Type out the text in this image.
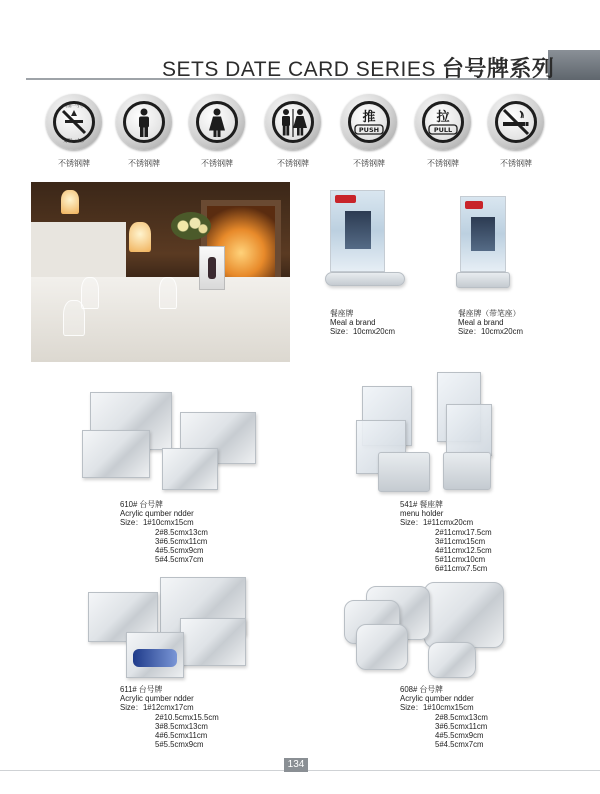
SETS DATE CARD SERIES 台号牌系列
向前一小步
文明一大步
不锈钢牌	不锈钢牌	不锈钢牌	不锈钢牌
推
PUSH
不锈钢牌
拉
PULL
不锈钢牌	不锈钢牌
餐座牌
Meal a brand
Size：10cmx20cm
餐座牌（带笔座）
Meal a brand
Size：10cmx20cm
610# 台号牌
Acrylic qumber ndder
Size：1#10cmx15cm
2#8.5cmx13cm
3#6.5cmx11cm
4#5.5cmx9cm
5#4.5cmx7cm
541# 餐座牌
menu holder
Size：1#11cmx20cm
2#11cmx17.5cm
3#11cmx15cm
4#11cmx12.5cm
5#11cmx10cm
6#11cmx7.5cm
611# 台号牌
Acrylic qumber ndder
Size：1#12cmx17cm
2#10.5cmx15.5cm
3#8.5cmx13cm
4#6.5cmx11cm
5#5.5cmx9cm
608# 台号牌
Acrylic qumber ndder
Size：1#10cmx15cm
2#8.5cmx13cm
3#6.5cmx11cm
4#5.5cmx9cm
5#4.5cmx7cm
134
